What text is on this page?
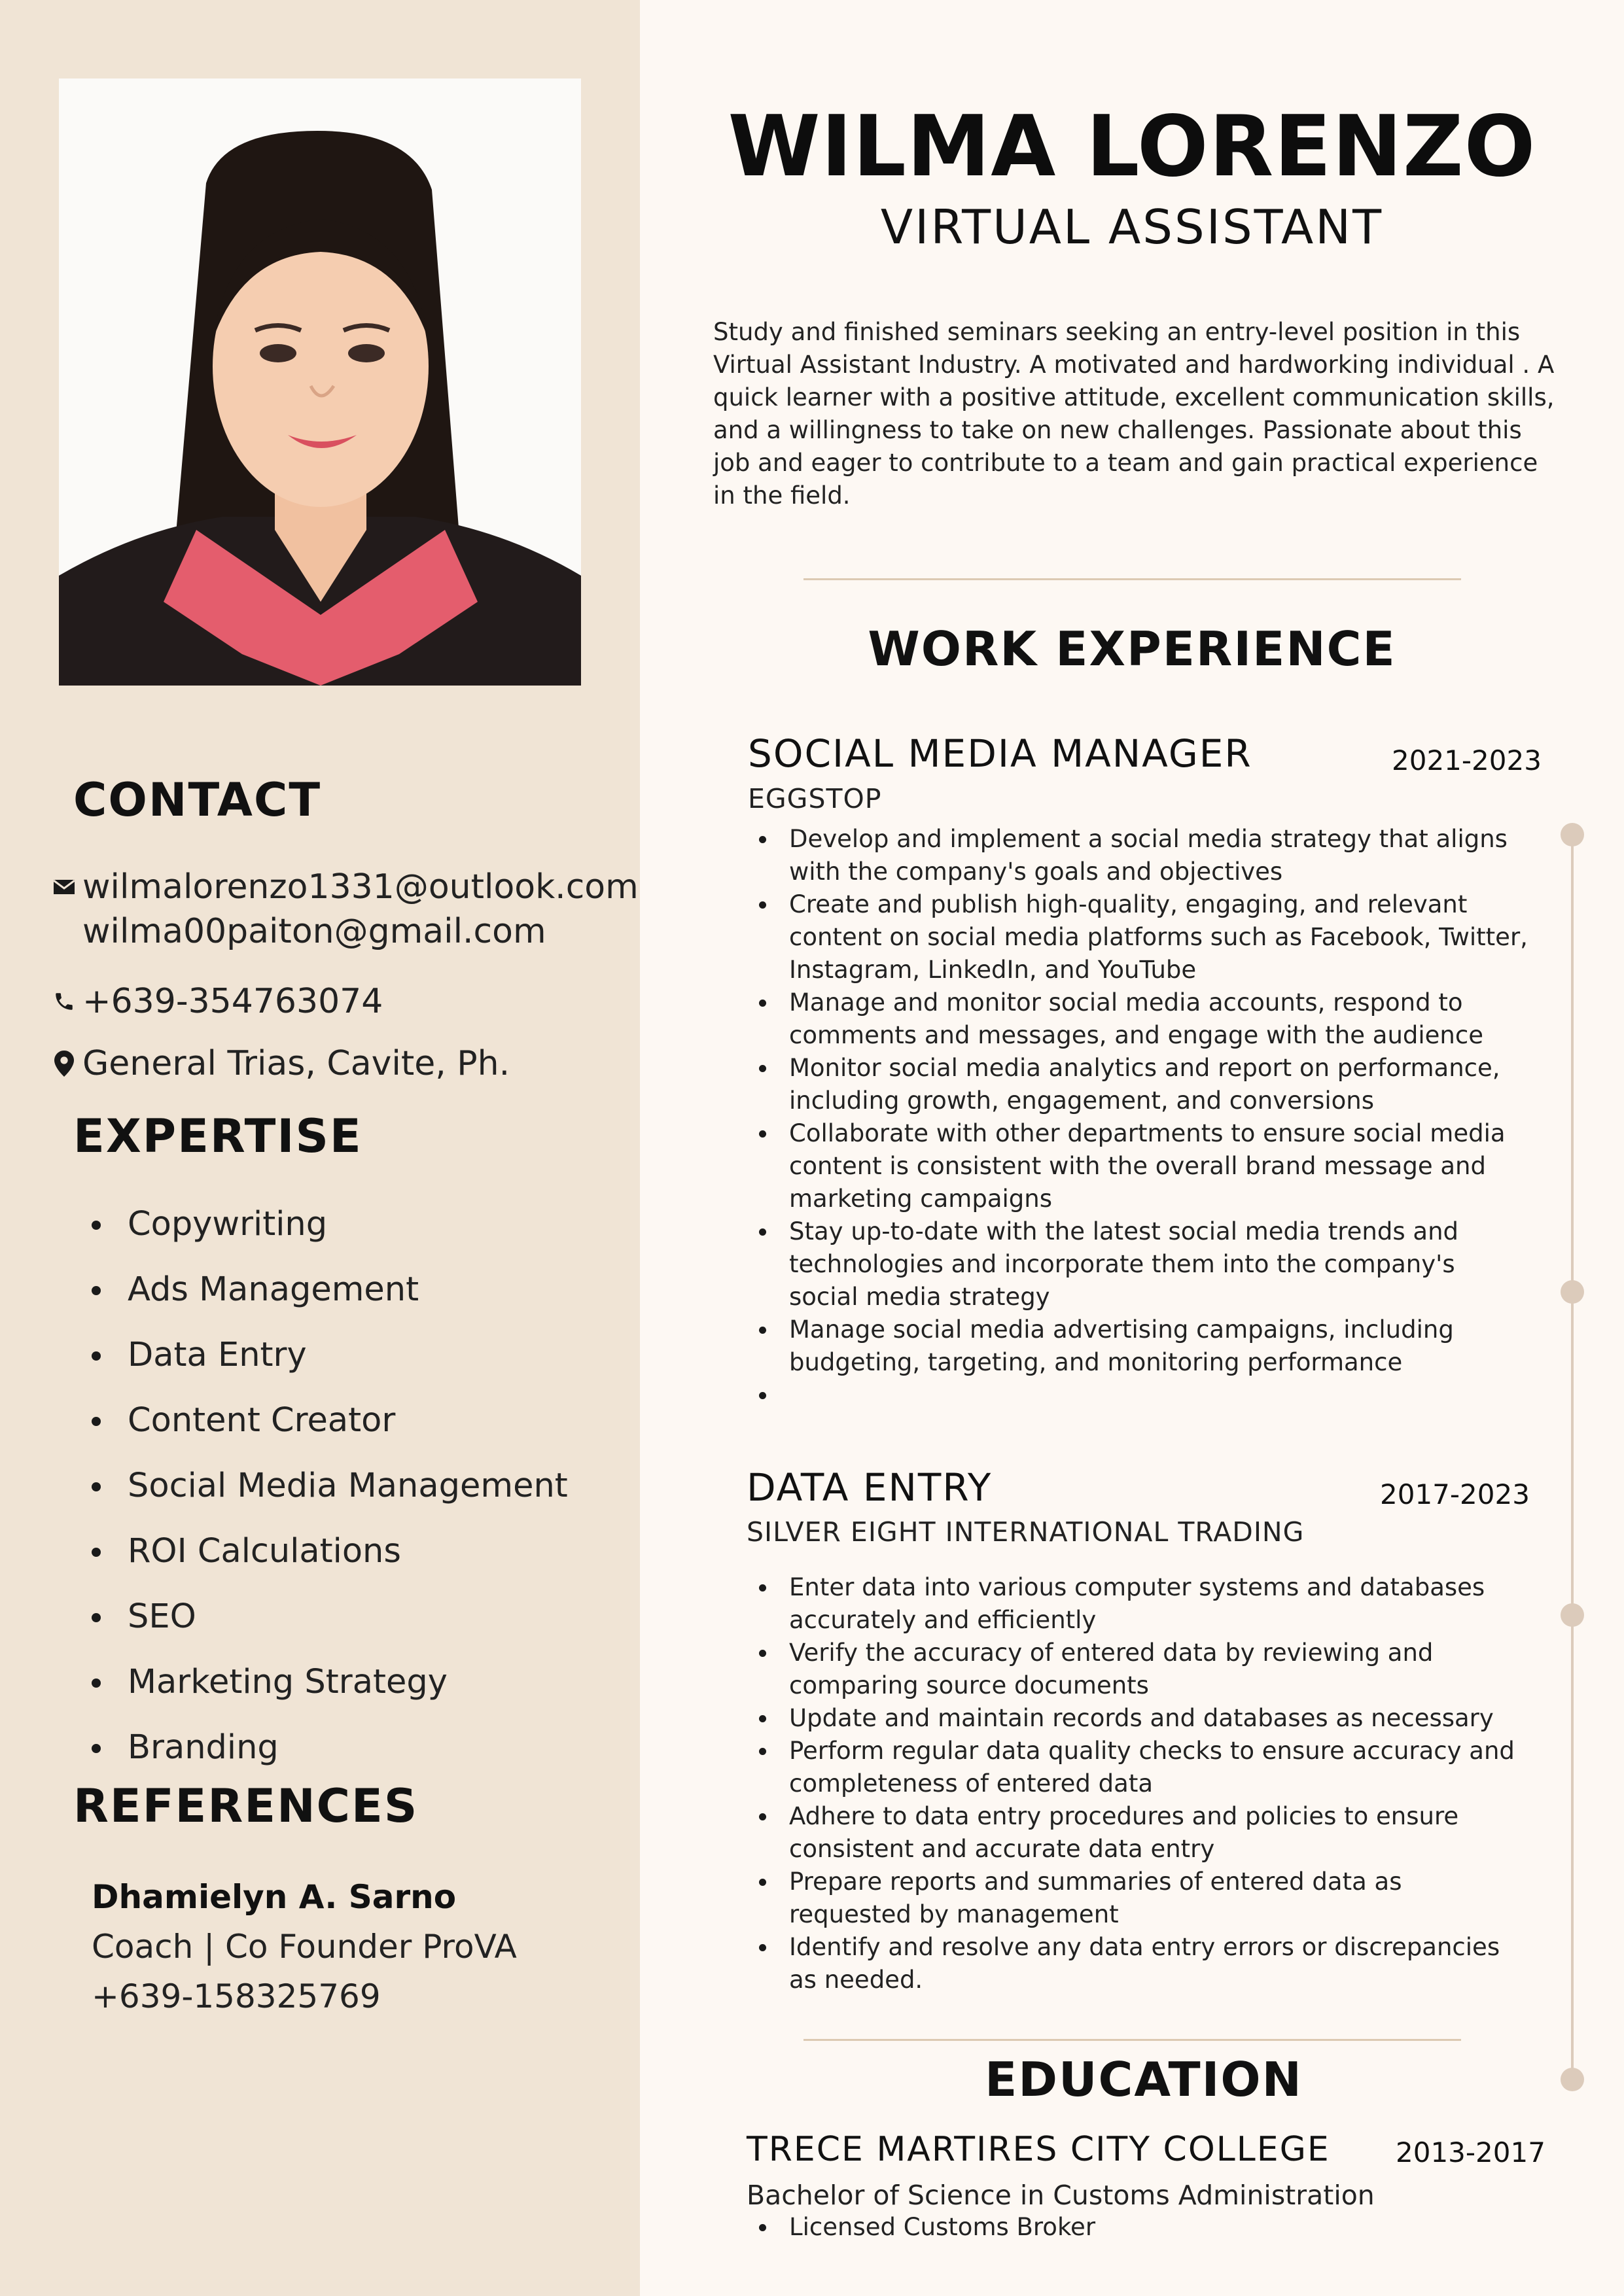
CONTACT
wilmalorenzo1331@outlook.com
wilma00paiton@gmail.com
+639-354763074
General Trias, Cavite, Ph.
EXPERTISE
Copywriting
Ads Management
Data Entry
Content Creator
Social Media Management
ROI Calculations
SEO
Marketing Strategy
Branding
REFERENCES
Dhamielyn A. Sarno
Coach | Co Founder ProVA
+639-158325769
WILMA LORENZO
VIRTUAL ASSISTANT

Study and finished seminars seeking an entry-level position in this Virtual Assistant Industry. A motivated and hardworking individual . A quick learner with a positive attitude, excellent communication skills, and a willingness to take on new challenges. Passionate about this job and eager to contribute to a team and gain practical experience in the field.

WORK EXPERIENCE
SOCIAL MEDIA MANAGER	2021-2023
EGGSTOP
Develop and implement a social media strategy that aligns with the company's goals and objectives
Create and publish high-quality, engaging, and relevant content on social media platforms such as Facebook, Twitter, Instagram, LinkedIn, and YouTube
Manage and monitor social media accounts, respond to comments and messages, and engage with the audience
Monitor social media analytics and report on performance, including growth, engagement, and conversions
Collaborate with other departments to ensure social media content is consistent with the overall brand message and marketing campaigns
Stay up-to-date with the latest social media trends and technologies and incorporate them into the company's social media strategy
Manage social media advertising campaigns, including budgeting, targeting, and monitoring performance
DATA ENTRY	2017-2023
SILVER EIGHT INTERNATIONAL TRADING
Enter data into various computer systems and databases accurately and efficiently
Verify the accuracy of entered data by reviewing and comparing source documents
Update and maintain records and databases as necessary
Perform regular data quality checks to ensure accuracy and completeness of entered data
Adhere to data entry procedures and policies to ensure consistent and accurate data entry
Prepare reports and summaries of entered data as requested by management
Identify and resolve any data entry errors or discrepancies as needed.
EDUCATION
TRECE MARTIRES CITY COLLEGE 2013-2017
Bachelor of Science in Customs Administration
Licensed Customs Broker
